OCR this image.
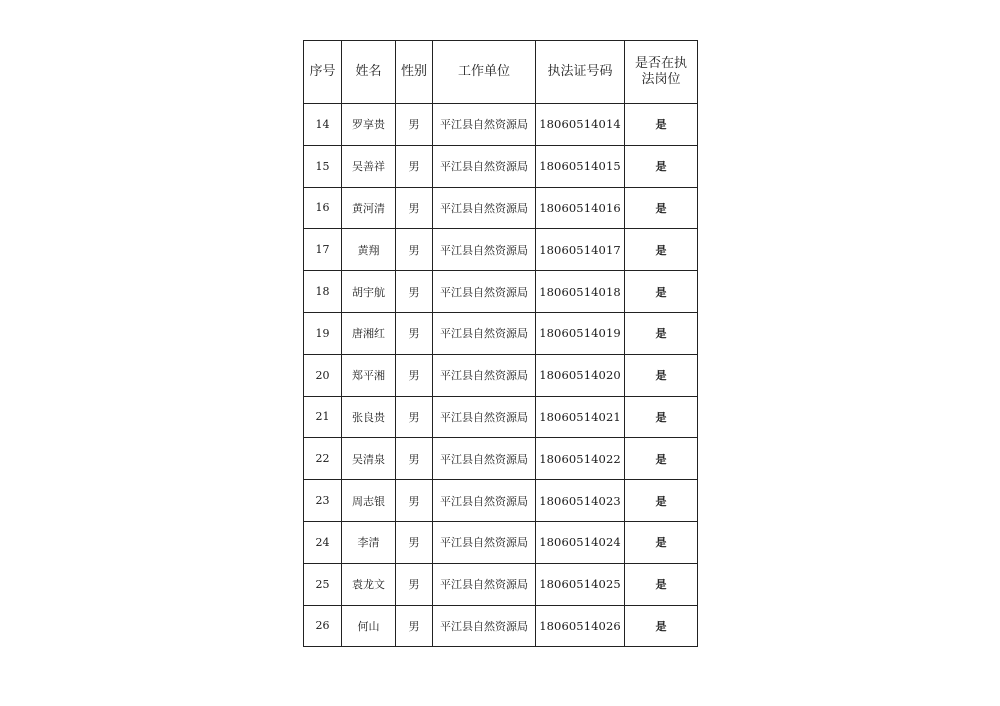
序号	姓名	性别	工作单位	执法证号码	是否在执法岗位
14	罗享贵	男	平江县自然资源局	18060514014	是
15	吴善祥	男	平江县自然资源局	18060514015	是
16	黄河清	男	平江县自然资源局	18060514016	是
17	黄翔	男	平江县自然资源局	18060514017	是
18	胡宇航	男	平江县自然资源局	18060514018	是
19	唐湘红	男	平江县自然资源局	18060514019	是
20	郑平湘	男	平江县自然资源局	18060514020	是
21	张良贵	男	平江县自然资源局	18060514021	是
22	吴清泉	男	平江县自然资源局	18060514022	是
23	周志银	男	平江县自然资源局	18060514023	是
24	李清	男	平江县自然资源局	18060514024	是
25	袁龙文	男	平江县自然资源局	18060514025	是
26	何山	男	平江县自然资源局	18060514026	是
